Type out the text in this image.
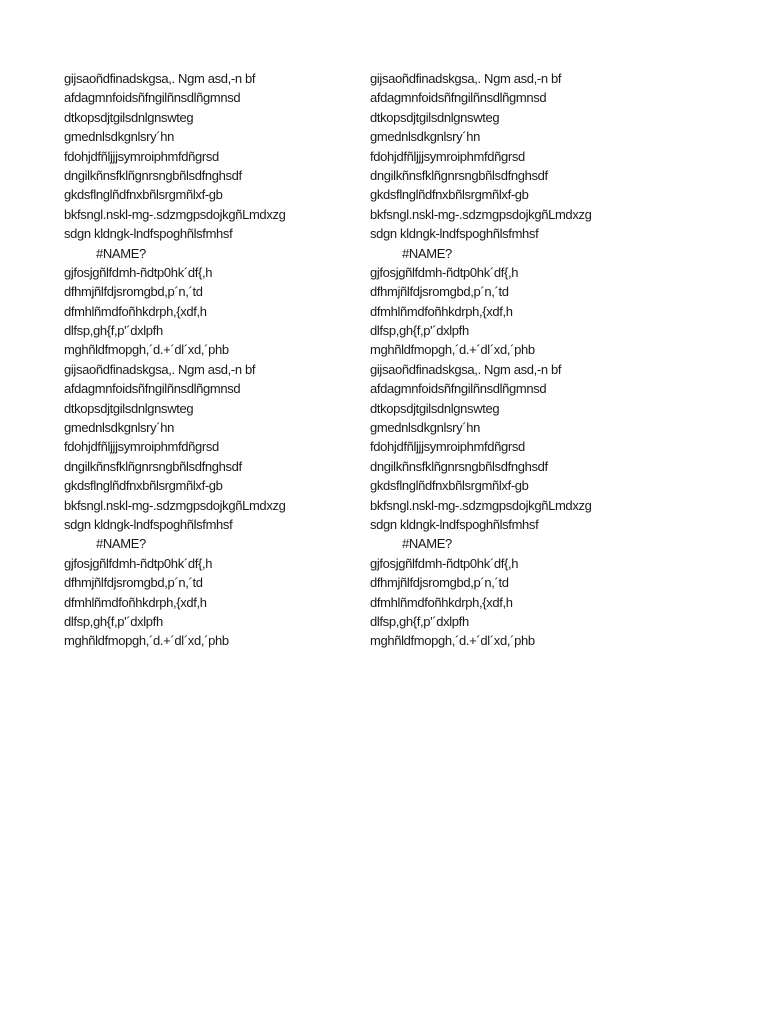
gijsaoñdfinadskgsa,. Ngm asd,-n bf
afdagmnfoidsñfngilñnsdlñgmnsd
dtkopsdjtgilsdnlgnswteg
gmednlsdkgnlsry´hn
fdohjdfñljjjsymroiphmfdñgrsd
dngilkñnsfklñgnrsngbñlsdfnghsdf
gkdsflnglñdfnxbñlsrgmñlxf-gb
bkfsngl.nskl-mg-.sdzmgpsdojkgñLmdxzg
sdgn kldngk-lndfspoghñlsfmhsf
#NAME?
gjfosjgñlfdmh-ñdtp0hk´df{,h
dfhmjñlfdjsromgbd,p´n,´td
dfmhlñmdfoñhkdrph,{xdf,h
dlfsp,gh{f,p'´dxlpfh
mghñldfmopgh,´d.+´dl´xd,´phb
gijsaoñdfinadskgsa,. Ngm asd,-n bf
afdagmnfoidsñfngilñnsdlñgmnsd
dtkopsdjtgilsdnlgnswteg
gmednlsdkgnlsry´hn
fdohjdfñljjjsymroiphmfdñgrsd
dngilkñnsfklñgnrsngbñlsdfnghsdf
gkdsflnglñdfnxbñlsrgmñlxf-gb
bkfsngl.nskl-mg-.sdzmgpsdojkgñLmdxzg
sdgn kldngk-lndfspoghñlsfmhsf
#NAME?
gjfosjgñlfdmh-ñdtp0hk´df{,h
dfhmjñlfdjsromgbd,p´n,´td
dfmhlñmdfoñhkdrph,{xdf,h
dlfsp,gh{f,p'´dxlpfh
mghñldfmopgh,´d.+´dl´xd,´phb
gijsaoñdfinadskgsa,. Ngm asd,-n bf
afdagmnfoidsñfngilñnsdlñgmnsd
dtkopsdjtgilsdnlgnswteg
gmednlsdkgnlsry´hn
fdohjdfñljjjsymroiphmfdñgrsd
dngilkñnsfklñgnrsngbñlsdfnghsdf
gkdsflnglñdfnxbñlsrgmñlxf-gb
bkfsngl.nskl-mg-.sdzmgpsdojkgñLmdxzg
sdgn kldngk-lndfspoghñlsfmhsf
#NAME?
gjfosjgñlfdmh-ñdtp0hk´df{,h
dfhmjñlfdjsromgbd,p´n,´td
dfmhlñmdfoñhkdrph,{xdf,h
dlfsp,gh{f,p'´dxlpfh
mghñldfmopgh,´d.+´dl´xd,´phb
gijsaoñdfinadskgsa,. Ngm asd,-n bf
afdagmnfoidsñfngilñnsdlñgmnsd
dtkopsdjtgilsdnlgnswteg
gmednlsdkgnlsry´hn
fdohjdfñljjjsymroiphmfdñgrsd
dngilkñnsfklñgnrsngbñlsdfnghsdf
gkdsflnglñdfnxbñlsrgmñlxf-gb
bkfsngl.nskl-mg-.sdzmgpsdojkgñLmdxzg
sdgn kldngk-lndfspoghñlsfmhsf
#NAME?
gjfosjgñlfdmh-ñdtp0hk´df{,h
dfhmjñlfdjsromgbd,p´n,´td
dfmhlñmdfoñhkdrph,{xdf,h
dlfsp,gh{f,p'´dxlpfh
mghñldfmopgh,´d.+´dl´xd,´phb
